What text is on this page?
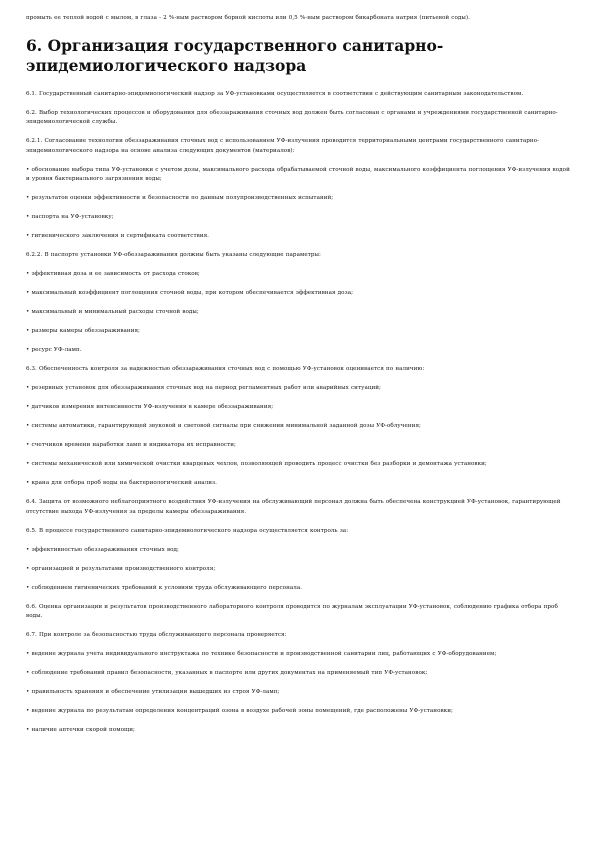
промыть ее теплой водой с мылом, в глаза - 2 %-ным раствором борной кислоты или 0,5 %-ным раствором бикарбоната натрия (питьевой соды).

6. Организация государственного санитарно-эпидемиологического надзора

6.1. Государственный санитарно-эпидемиологический надзор за УФ-установками осуществляется в соответствии с действующим санитарным законодательством.

6.2. Выбор технологических процессов и оборудования для обеззараживания сточных вод должен быть согласован с органами и учреждениями государственной санитарно-эпидемиологической службы.

6.2.1. Согласование технологии обеззараживания сточных вод с использованием УФ-излучения проводится территориальными центрами государственного санитарно-эпидемиологического надзора на основе анализа следующих документов (материалов):

• обоснование выбора типа УФ-установки с учетом дозы, максимального расхода обрабатываемой сточной воды, максимального коэффициента поглощения УФ-излучения водой и уровня бактериального загрязнения воды;

• результатов оценки эффективности и безопасности по данным полупроизводственных испытаний;

• паспорта на УФ-установку;

• гигиенического заключения и сертификата соответствия.

6.2.2. В паспорте установки УФ-обеззараживания должны быть указаны следующие параметры:

• эффективная доза и ее зависимость от расхода стоков;

• максимальный коэффициент поглощения сточной воды, при котором обеспечивается эффективная доза;

• максимальный и минимальный расходы сточной воды;

• размеры камеры обеззараживания;

• ресурс УФ-ламп.

6.3. Обеспеченность контроля за надежностью обеззараживания сточных вод с помощью УФ-установок оценивается по наличию:

• резервных установок для обеззараживания сточных вод на период регламентных работ или аварийных ситуаций;

• датчиков измерения интенсивности УФ-излучения в камере обеззараживания;

• системы автоматики, гарантирующей звуковой и световой сигналы при снижении минимальной заданной дозы УФ-облучения;

• счетчиков времени наработки ламп и индикатора их исправности;

• системы механической или химической очистки кварцевых чехлов, позволяющей проводить процесс очистки без разборки и демонтажа установки;

• крана для отбора проб воды на бактериологический анализ.

6.4. Защита от возможного неблагоприятного воздействия УФ-излучения на обслуживающий персонал должна быть обеспечена конструкцией УФ-установок, гарантирующей отсутствие выхода УФ-излучения за пределы камеры обеззараживания.

6.5. В процессе государственного санитарно-эпидемиологического надзора осуществляется контроль за:

• эффективностью обеззараживания сточных вод;

• организацией и результатами производственного контроля;

• соблюдением гигиенических требований к условиям труда обслуживающего персонала.

6.6. Оценка организации и результатов производственного лабораторного контроля проводится по журналам эксплуатации УФ-установок, соблюдению графика отбора проб воды.

6.7. При контроле за безопасностью труда обслуживающего персонала проверяется:

• ведение журнала учета индивидуального инструктажа по технике безопасности и производственной санитарии лиц, работающих с УФ-оборудованием;

• соблюдение требований правил безопасности, указанных в паспорте или других документах на применяемый тип УФ-установок;

• правильность хранения и обеспечение утилизации вышедших из строя УФ-ламп;

• ведение журнала по результатам определения концентраций озона в воздухе рабочей зоны помещений, где расположены УФ-установки;

• наличие аптечки скорой помощи;
